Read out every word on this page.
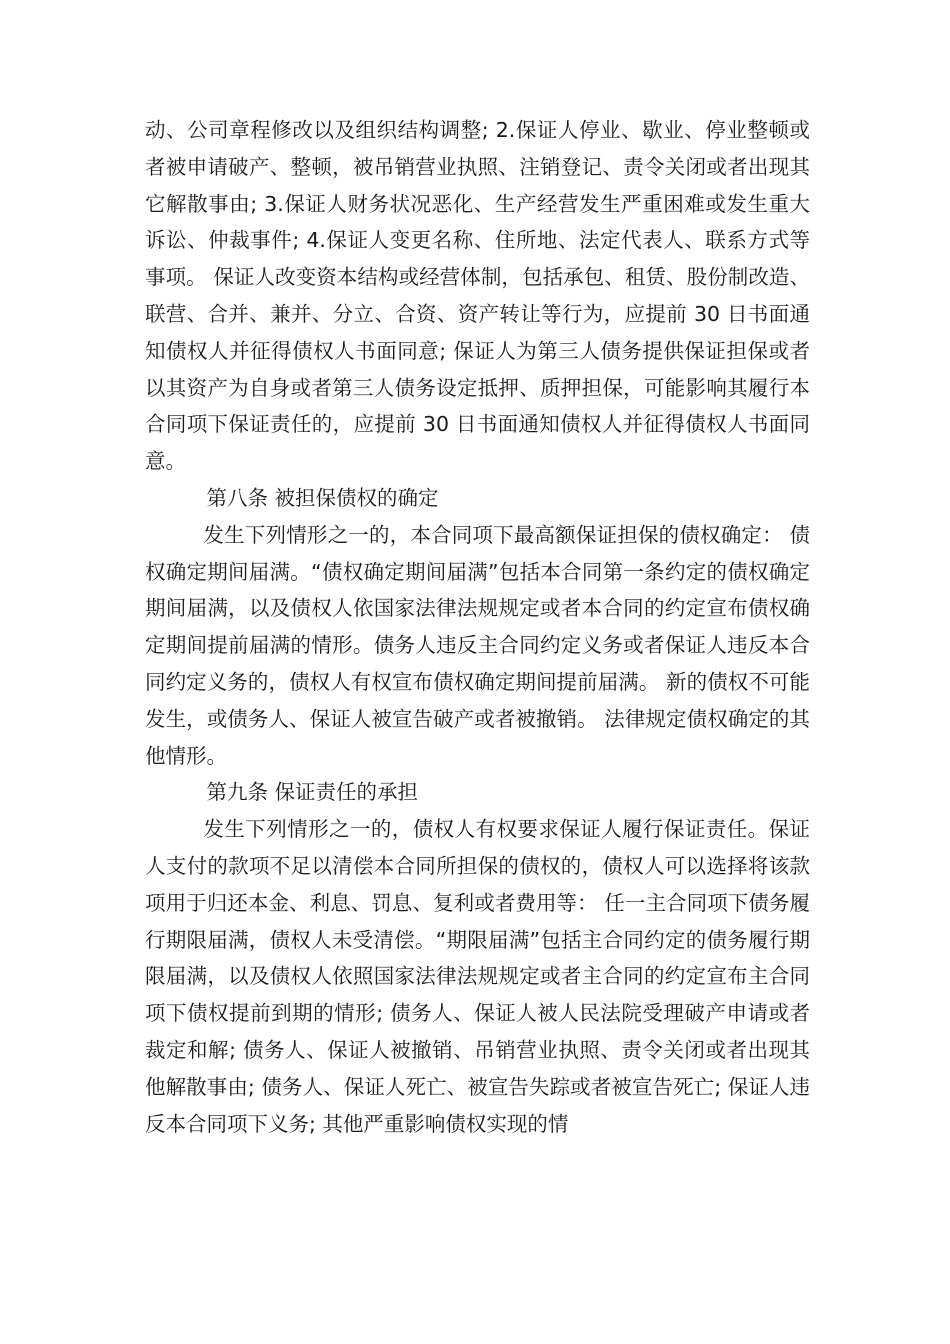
动、公司章程修改以及组织结构调整; 2.保证人停业、歇业、停业整顿或者被申请破产、整顿，被吊销营业执照、注销登记、责令关闭或者出现其它解散事由; 3.保证人财务状况恶化、生产经营发生严重困难或发生重大诉讼、仲裁事件; 4.保证人变更名称、住所地、法定代表人、联系方式等事项。 保证人改变资本结构或经营体制，包括承包、租赁、股份制改造、联营、合并、兼并、分立、合资、资产转让等行为，应提前 30 日书面通知债权人并征得债权人书面同意; 保证人为第三人债务提供保证担保或者以其资产为自身或者第三人债务设定抵押、质押担保，可能影响其履行本合同项下保证责任的，应提前 30 日书面通知债权人并征得债权人书面同意。

第八条 被担保债权的确定

发生下列情形之一的，本合同项下最高额保证担保的债权确定： 债权确定期间届满。“债权确定期间届满”包括本合同第一条约定的债权确定期间届满，以及债权人依国家法律法规规定或者本合同的约定宣布债权确定期间提前届满的情形。债务人违反主合同约定义务或者保证人违反本合同约定义务的，债权人有权宣布债权确定期间提前届满。 新的债权不可能发生，或债务人、保证人被宣告破产或者被撤销。 法律规定债权确定的其他情形。

第九条 保证责任的承担

发生下列情形之一的，债权人有权要求保证人履行保证责任。保证人支付的款项不足以清偿本合同所担保的债权的，债权人可以选择将该款项用于归还本金、利息、罚息、复利或者费用等： 任一主合同项下债务履行期限届满，债权人未受清偿。“期限届满”包括主合同约定的债务履行期限届满，以及债权人依照国家法律法规规定或者主合同的约定宣布主合同项下债权提前到期的情形; 债务人、保证人被人民法院受理破产申请或者裁定和解; 债务人、保证人被撤销、吊销营业执照、责令关闭或者出现其他解散事由; 债务人、保证人死亡、被宣告失踪或者被宣告死亡; 保证人违反本合同项下义务; 其他严重影响债权实现的情
